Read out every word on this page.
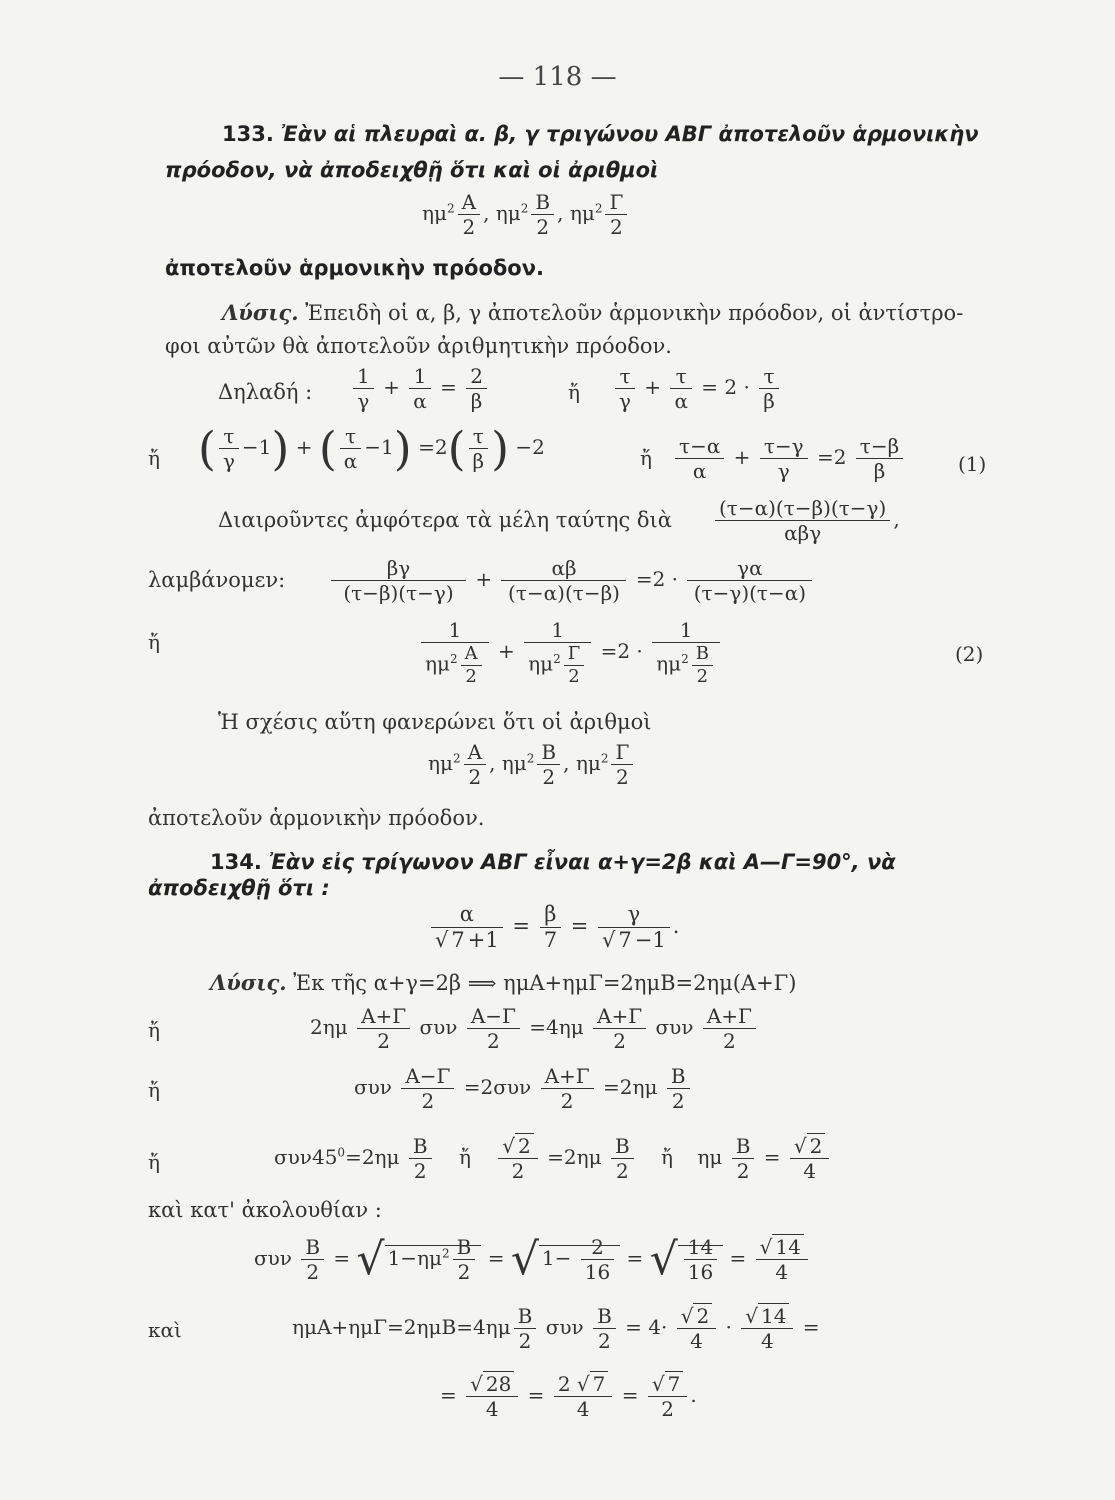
— 118 —
133. Ἐὰν αἱ πλευραὶ α. β, γ τριγώνου ΑΒΓ ἀποτελοῦν ἁρμονικὴν
πρόοδον, νὰ ἀποδειχθῇ ὅτι καὶ οἱ ἀριθμοὶ
$\eta\mu^2 \frac{A}{2}$ , $\eta\mu^2 \frac{B}{2}$ , $\eta\mu^2 \frac{\Gamma}{2}$
ἀποτελοῦν ἁρμονικὴν πρόοδον.
Λύσις. Ἐπειδὴ οἱ α, β, γ ἀποτελοῦν ἁρμονικὴν πρόοδον, οἱ ἀντίστρο-
φοι αὐτῶν θὰ ἀποτελοῦν ἀριθμητικὴν πρόοδον.
Δηλαδή : $\frac{1}{\gamma} + \frac{1}{\alpha} = \frac{2}{\beta}$	ἤ $\frac{\tau}{\gamma} + \frac{\tau}{\alpha} = 2 \cdot \frac{\tau}{\beta}$
ἤ ( $\frac{\tau}{\gamma} -1$) + ( $\frac{\tau}{\alpha} -1) =2( \frac{\tau}{\beta}$ ) −2	ἤ $\frac{\tau-\alpha}{\alpha} + \frac{\tau-\gamma}{\gamma} =2 \frac{\tau-\beta}{\beta}$	(1)
Διαιροῦντες ἀμφότερα τὰ μέλη ταύτης διὰ $\frac{(\tau-\alpha)(\tau-\beta)(\tau-\gamma)}{\text{αβγ}}$ ,
λαμβάνομεν: $\frac{\beta\gamma}{(\tau-\beta)(\tau-\gamma)} + \frac{\alpha\beta}{(\tau-\alpha)(\tau-\beta)} =2 \cdot \frac{\gamma\alpha}{(\tau-\gamma)(\tau-\alpha)}$
ἤ	$\frac{1}{\eta\mu^2 \frac{A}{2}} + \frac{1}{\eta\mu^2 \frac{\Gamma}{2}} =2 \cdot \frac{1}{\eta\mu^2 \frac{B}{2}}$	(2)
Ἡ σχέσις αὕτη φανερώνει ὅτι οἱ ἀριθμοὶ
$\eta\mu^2 \frac{A}{2}$ , $\eta\mu^2 \frac{B}{2}$ , $\eta\mu^2 \frac{\Gamma}{2}$
ἀποτελοῦν ἁρμονικὴν πρόοδον.
134. Ἐὰν εἰς τρίγωνον ΑΒΓ εἶναι α+γ=2β καὶ Α—Γ=90°, νὰ
ἀποδειχθῇ ὅτι :
$\frac{\alpha}{√ 7 +1} = \frac{\beta}{7} = \frac{\gamma}{√ 7 -1}$ .
Λύσις. Ἐκ τῆς α+γ=2β ⟹ ημΑ+ημΓ=2ημΒ=2ημ(Α+Γ)
ἤ	$2\eta\mu \frac{A+\Gamma}{2}$ συν $\frac{A-\Gamma}{2} =4\eta\mu \frac{A+\Gamma}{2}$ συν $\frac{A+\Gamma}{2}$
ἤ	συν $\frac{A-\Gamma}{2} =2\sigma\upsilon\nu \frac{A+\Gamma}{2} =2\eta\mu \frac{B}{2}$
ἤ	$\sigma\upsilon\nu 45^0=2\eta\mu \frac{B}{2}$ ἤ $\frac{√ 2}{2} =2\eta\mu \frac{B}{2}$ ἤ ημ $\frac{B}{2} = \frac{√ 2}{4}$
καὶ κατ' ἀκολουθίαν :
συν $\frac{B}{2}$ = √ $1-\eta\mu^2 \frac{B}{2}$ = √ $1- \frac{2}{16}$ = √ $\frac{14}{16} = \frac{√ 14}{4}$
καὶ	$\eta\mu A+\eta\mu\Gamma=2\eta\mu B=4\eta\mu \frac{B}{2}$ συν $\frac{B}{2} = 4\cdot \frac{√ 2}{4} \cdot \frac{√ 14}{4}$ =
= $\frac{√ 28}{4} = \frac{2 √ 7}{4} = \frac{√ 7}{2}$ .
